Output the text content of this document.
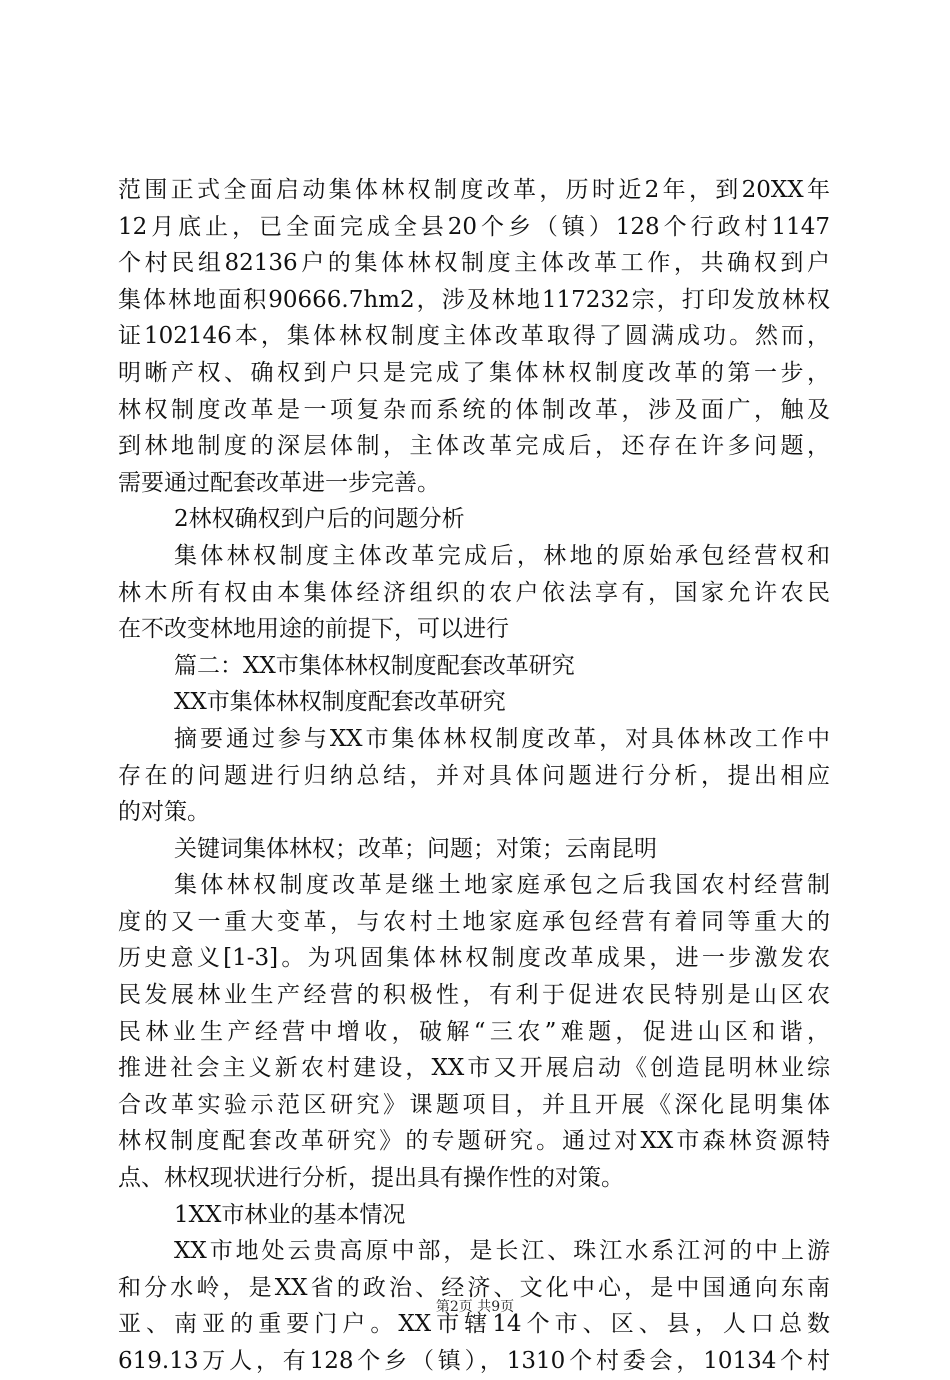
范围正式全面启动集体林权制度改革，历时近2年，到20XX年
12月底止，已全面完成全县20个乡（镇）128个行政村1147
个村民组82136户的集体林权制度主体改革工作，共确权到户
集体林地面积90666.7hm2，涉及林地117232宗，打印发放林权
证102146本，集体林权制度主体改革取得了圆满成功。然而，
明晰产权、确权到户只是完成了集体林权制度改革的第一步，
林权制度改革是一项复杂而系统的体制改革，涉及面广，触及
到林地制度的深层体制，主体改革完成后，还存在许多问题，
需要通过配套改革进一步完善。
2林权确权到户后的问题分析
集体林权制度主体改革完成后，林地的原始承包经营权和
林木所有权由本集体经济组织的农户依法享有，国家允许农民
在不改变林地用途的前提下，可以进行
篇二：XX市集体林权制度配套改革研究
XX市集体林权制度配套改革研究
摘要通过参与XX市集体林权制度改革，对具体林改工作中
存在的问题进行归纳总结，并对具体问题进行分析，提出相应
的对策。
关键词集体林权；改革；问题；对策；云南昆明
集体林权制度改革是继土地家庭承包之后我国农村经营制
度的又一重大变革，与农村土地家庭承包经营有着同等重大的
历史意义[1-3]。为巩固集体林权制度改革成果，进一步激发农
民发展林业生产经营的积极性，有利于促进农民特别是山区农
民林业生产经营中增收，破解“三农”难题，促进山区和谐，
推进社会主义新农村建设，XX市又开展启动《创造昆明林业综
合改革实验示范区研究》课题项目，并且开展《深化昆明集体
林权制度配套改革研究》的专题研究。通过对XX市森林资源特
点、林权现状进行分析，提出具有操作性的对策。
1XX市林业的基本情况
XX市地处云贵高原中部，是长江、珠江水系江河的中上游
和分水岭，是XX省的政治、经济、文化中心，是中国通向东南
亚、南亚的重要门户。XX市辖14个市、区、县，人口总数
619.13万人，有128个乡（镇），1310个村委会，10134个村
第2页 共9页
